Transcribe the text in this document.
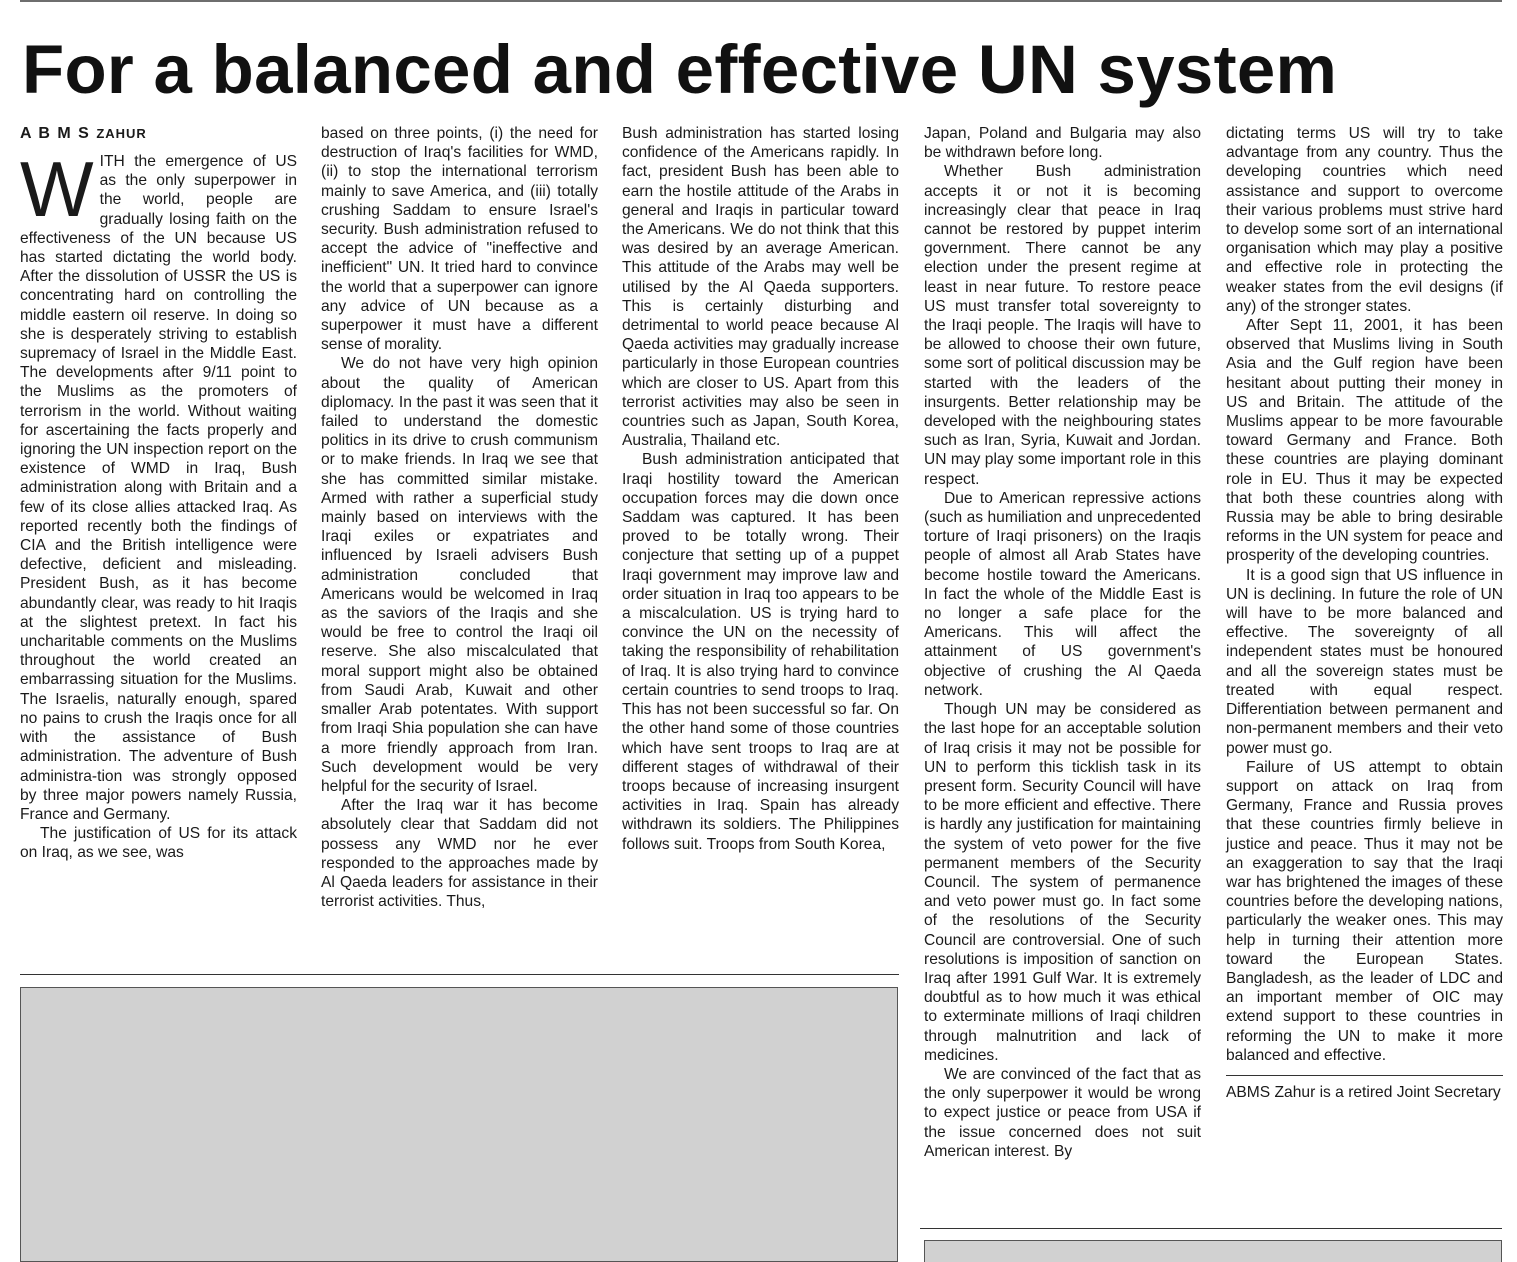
For a balanced and effective UN system
A B M S ZAHUR

WITH the emergence of US as the only superpower in the world, people are gradually losing faith on the effectiveness of the UN because US has started dictating the world body. After the dissolution of USSR the US is concentrating hard on controlling the middle eastern oil reserve. In doing so she is desperately striving to establish supremacy of Israel in the Middle East. The developments after 9/11 point to the Muslims as the promoters of terrorism in the world. Without waiting for ascertaining the facts properly and ignoring the UN inspection report on the existence of WMD in Iraq, Bush administration along with Britain and a few of its close allies attacked Iraq. As reported recently both the findings of CIA and the British intelligence were defective, deficient and misleading. President Bush, as it has become abundantly clear, was ready to hit Iraqis at the slightest pretext. In fact his uncharitable comments on the Muslims throughout the world created an embarrassing situation for the Muslims. The Israelis, naturally enough, spared no pains to crush the Iraqis once for all with the assistance of Bush administration. The adventure of Bush administra-tion was strongly opposed by three major powers namely Russia, France and Germany.

The justification of US for its attack on Iraq, as we see, was

based on three points, (i) the need for destruction of Iraq's facilities for WMD, (ii) to stop the international terrorism mainly to save America, and (iii) totally crushing Saddam to ensure Israel's security. Bush administration refused to accept the advice of "ineffective and inefficient" UN. It tried hard to convince the world that a superpower can ignore any advice of UN because as a superpower it must have a different sense of morality.

We do not have very high opinion about the quality of American diplomacy. In the past it was seen that it failed to understand the domestic politics in its drive to crush communism or to make friends. In Iraq we see that she has committed similar mistake. Armed with rather a superficial study mainly based on interviews with the Iraqi exiles or expatriates and influenced by Israeli advisers Bush administration concluded that Americans would be welcomed in Iraq as the saviors of the Iraqis and she would be free to control the Iraqi oil reserve. She also miscalculated that moral support might also be obtained from Saudi Arab, Kuwait and other smaller Arab potentates. With support from Iraqi Shia population she can have a more friendly approach from Iran. Such development would be very helpful for the security of Israel.

After the Iraq war it has become absolutely clear that Saddam did not possess any WMD nor he ever responded to the approaches made by Al Qaeda leaders for assistance in their terrorist activities. Thus,

Bush administration has started losing confidence of the Americans rapidly. In fact, president Bush has been able to earn the hostile attitude of the Arabs in general and Iraqis in particular toward the Americans. We do not think that this was desired by an average American. This attitude of the Arabs may well be utilised by the Al Qaeda supporters. This is certainly disturbing and detrimental to world peace because Al Qaeda activities may gradually increase particularly in those European countries which are closer to US. Apart from this terrorist activities may also be seen in countries such as Japan, South Korea, Australia, Thailand etc.

Bush administration anticipated that Iraqi hostility toward the American occupation forces may die down once Saddam was captured. It has been proved to be totally wrong. Their conjecture that setting up of a puppet Iraqi government may improve law and order situation in Iraq too appears to be a miscalculation. US is trying hard to convince the UN on the necessity of taking the responsibility of rehabilitation of Iraq. It is also trying hard to convince certain countries to send troops to Iraq. This has not been successful so far. On the other hand some of those countries which have sent troops to Iraq are at different stages of withdrawal of their troops because of increasing insurgent activities in Iraq. Spain has already withdrawn its soldiers. The Philippines follows suit. Troops from South Korea,

Japan, Poland and Bulgaria may also be withdrawn before long.

Whether Bush administration accepts it or not it is becoming increasingly clear that peace in Iraq cannot be restored by puppet interim government. There cannot be any election under the present regime at least in near future. To restore peace US must transfer total sovereignty to the Iraqi people. The Iraqis will have to be allowed to choose their own future, some sort of political discussion may be started with the leaders of the insurgents. Better relationship may be developed with the neighbouring states such as Iran, Syria, Kuwait and Jordan. UN may play some important role in this respect.

Due to American repressive actions (such as humiliation and unprecedented torture of Iraqi prisoners) on the Iraqis people of almost all Arab States have become hostile toward the Americans. In fact the whole of the Middle East is no longer a safe place for the Americans. This will affect the attainment of US government's objective of crushing the Al Qaeda network.

Though UN may be considered as the last hope for an acceptable solution of Iraq crisis it may not be possible for UN to perform this ticklish task in its present form. Security Council will have to be more efficient and effective. There is hardly any justification for maintaining the system of veto power for the five permanent members of the Security Council. The system of permanence and veto power must go. In fact some of the resolutions of the Security Council are controversial. One of such resolutions is imposition of sanction on Iraq after 1991 Gulf War. It is extremely doubtful as to how much it was ethical to exterminate millions of Iraqi children through malnutrition and lack of medicines.

We are convinced of the fact that as the only superpower it would be wrong to expect justice or peace from USA if the issue concerned does not suit American interest. By

dictating terms US will try to take advantage from any country. Thus the developing countries which need assistance and support to overcome their various problems must strive hard to develop some sort of an international organisation which may play a positive and effective role in protecting the weaker states from the evil designs (if any) of the stronger states.

After Sept 11, 2001, it has been observed that Muslims living in South Asia and the Gulf region have been hesitant about putting their money in US and Britain. The attitude of the Muslims appear to be more favourable toward Germany and France. Both these countries are playing dominant role in EU. Thus it may be expected that both these countries along with Russia may be able to bring desirable reforms in the UN system for peace and prosperity of the developing countries.

It is a good sign that US influence in UN is declining. In future the role of UN will have to be more balanced and effective. The sovereignty of all independent states must be honoured and all the sovereign states must be treated with equal respect. Differentiation between permanent and non-permanent members and their veto power must go.

Failure of US attempt to obtain support on attack on Iraq from Germany, France and Russia proves that these countries firmly believe in justice and peace. Thus it may not be an exaggeration to say that the Iraqi war has brightened the images of these countries before the developing nations, particularly the weaker ones. This may help in turning their attention more toward the European States. Bangladesh, as the leader of LDC and an important member of OIC may extend support to these countries in reforming the UN to make it more balanced and effective.

ABMS Zahur is a retired Joint Secretary
